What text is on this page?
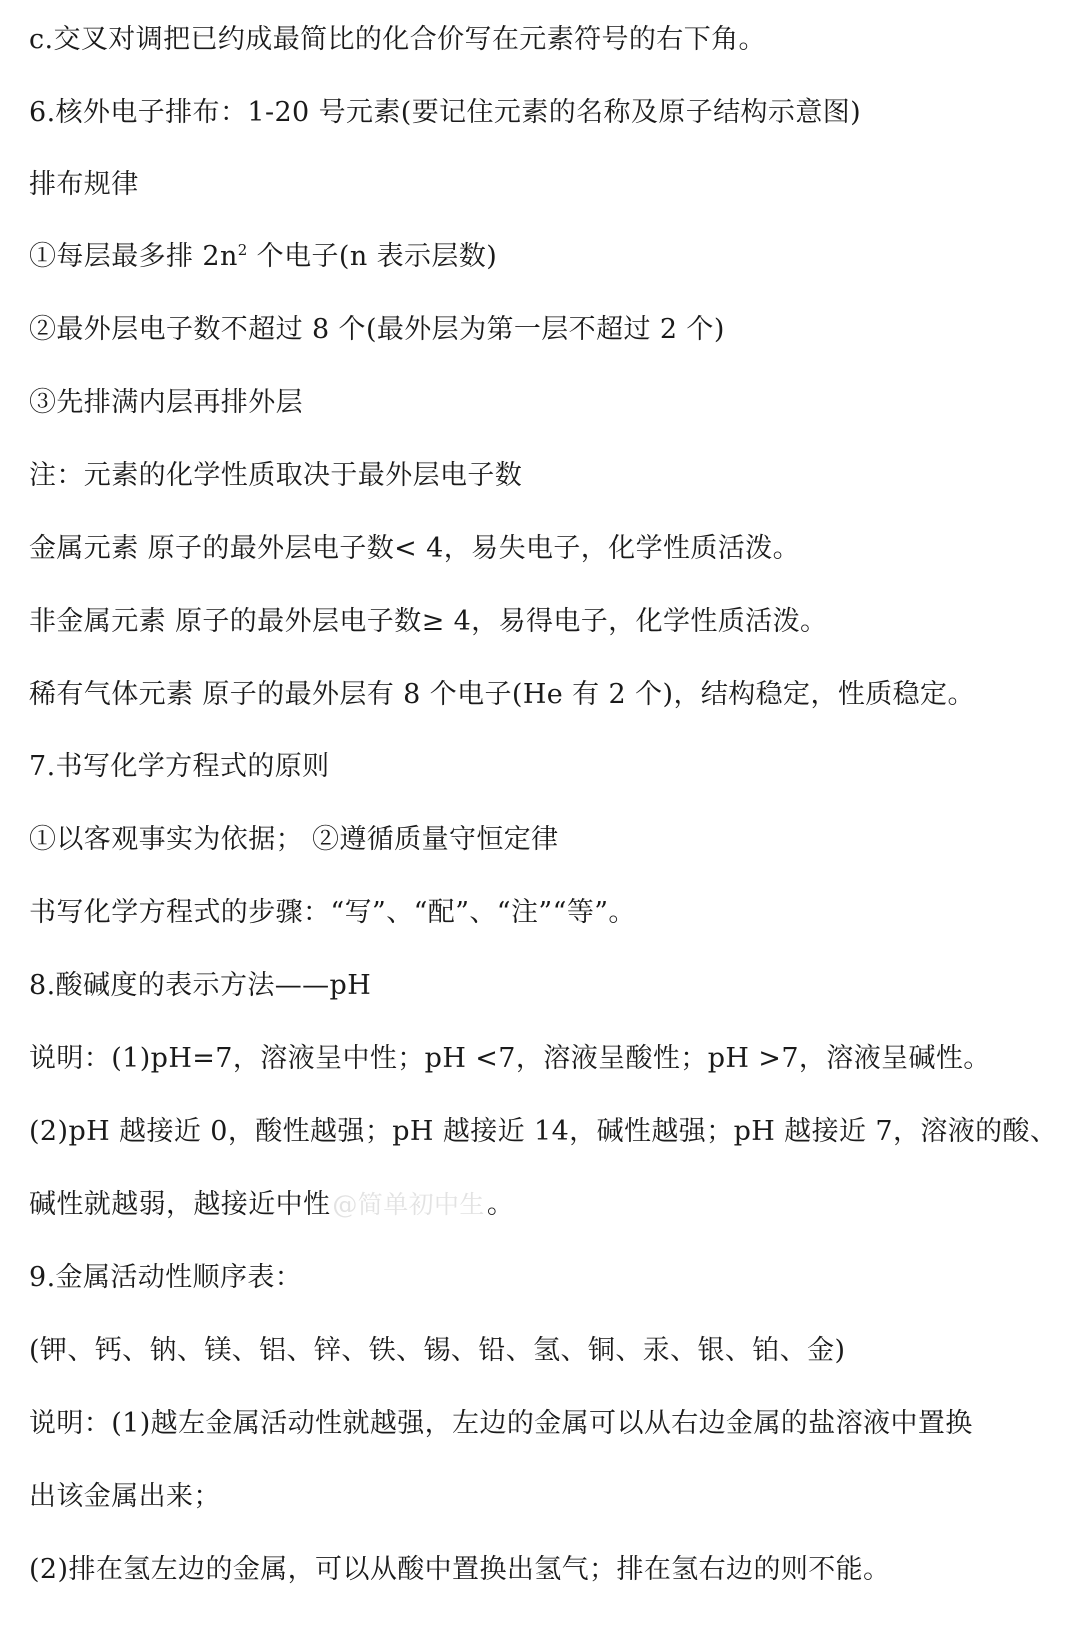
c.交叉对调把已约成最简比的化合价写在元素符号的右下角。
6.核外电子排布：1-20 号元素(要记住元素的名称及原子结构示意图)
排布规律
①每层最多排 $2n^2$ 个电子(n 表示层数)
②最外层电子数不超过 8 个(最外层为第一层不超过 2 个)
③先排满内层再排外层
注：元素的化学性质取决于最外层电子数
金属元素 原子的最外层电子数< 4，易失电子，化学性质活泼。
非金属元素 原子的最外层电子数≥ 4，易得电子，化学性质活泼。
稀有气体元素 原子的最外层有 8 个电子(He 有 2 个)，结构稳定，性质稳定。
7.书写化学方程式的原则
①以客观事实为依据； ②遵循质量守恒定律
书写化学方程式的步骤：“写”、“配”、“注”“等”。
8.酸碱度的表示方法——pH
说明：(1)pH=7，溶液呈中性；pH <7，溶液呈酸性；pH >7，溶液呈碱性。
(2)pH 越接近 0，酸性越强；pH 越接近 14，碱性越强；pH 越接近 7，溶液的酸、
碱性就越弱，越接近中性@简单初中生。
9.金属活动性顺序表：
(钾、钙、钠、镁、铝、锌、铁、锡、铅、氢、铜、汞、银、铂、金)
说明：(1)越左金属活动性就越强，左边的金属可以从右边金属的盐溶液中置换
出该金属出来；
(2)排在氢左边的金属，可以从酸中置换出氢气；排在氢右边的则不能。
